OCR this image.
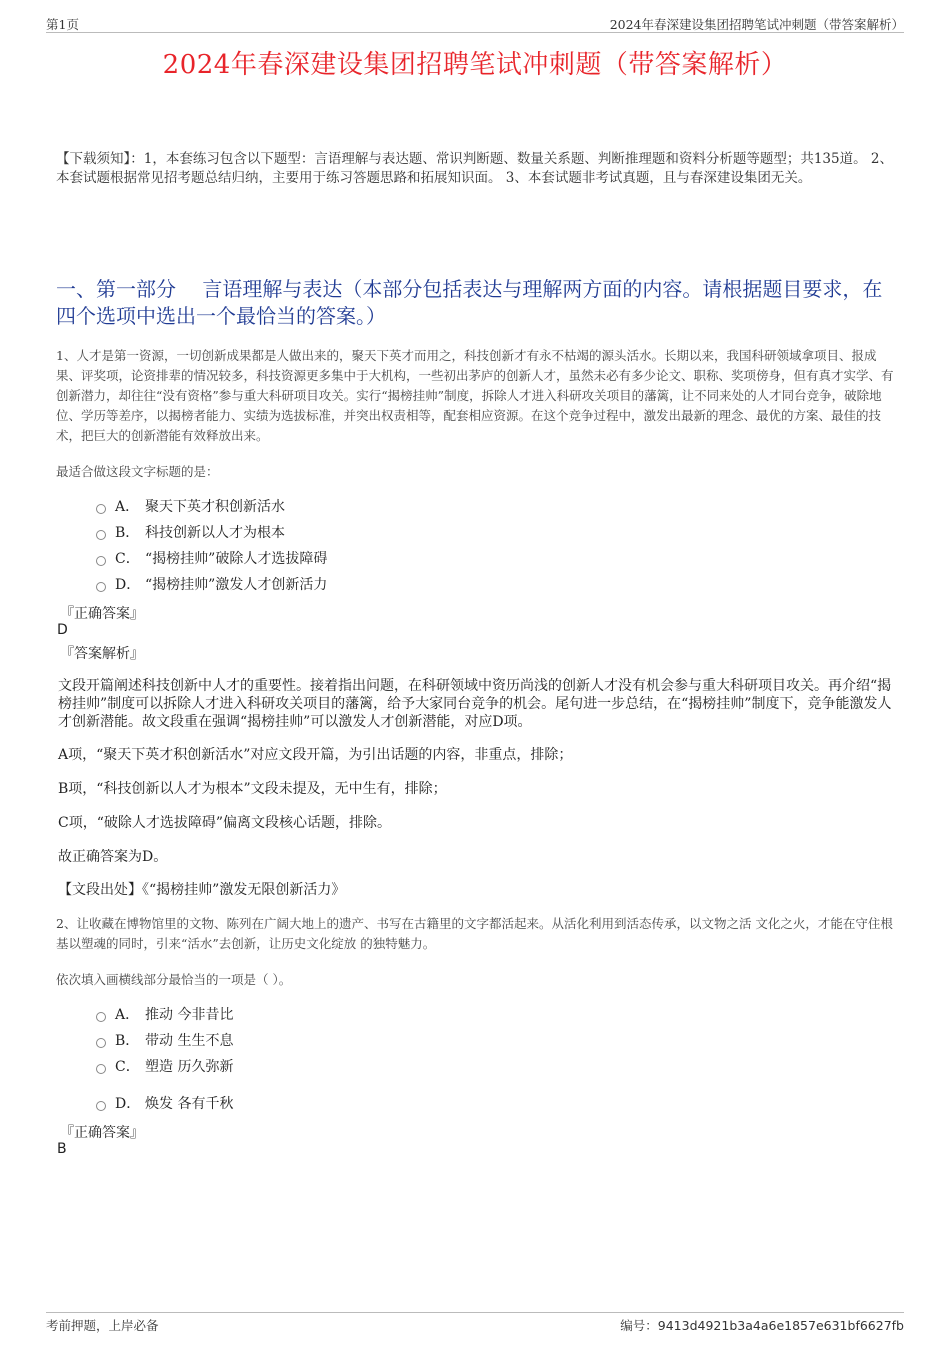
第1页	2024年春深建设集团招聘笔试冲刺题（带答案解析）
2024年春深建设集团招聘笔试冲刺题（带答案解析）
【下载须知】：1，本套练习包含以下题型：言语理解与表达题、常识判断题、数量关系题、判断推理题和资料分析题等题型；共135道。 2、本套试题根据常见招考题总结归纳，主要用于练习答题思路和拓展知识面。 3、本套试题非考试真题，且与春深建设集团无关。
一、第一部分　 言语理解与表达（本部分包括表达与理解两方面的内容。请根据题目要求，在四个选项中选出一个最恰当的答案。）
1、人才是第一资源，一切创新成果都是人做出来的，聚天下英才而用之，科技创新才有永不枯竭的源头活水。长期以来，我国科研领域拿项目、报成果、评奖项，论资排辈的情况较多，科技资源更多集中于大机构，一些初出茅庐的创新人才，虽然未必有多少论文、职称、奖项傍身，但有真才实学、有创新潜力，却往往“没有资格”参与重大科研项目攻关。实行“揭榜挂帅”制度，拆除人才进入科研攻关项目的藩篱，让不同来处的人才同台竞争，破除地位、学历等差序，以揭榜者能力、实绩为选拔标准，并突出权责相等，配套相应资源。在这个竞争过程中，激发出最新的理念、最优的方案、最佳的技术，把巨大的创新潜能有效释放出来。
最适合做这段文字标题的是：
A． 聚天下英才积创新活水
B． 科技创新以人才为根本
C． “揭榜挂帅”破除人才选拔障碍
D． “揭榜挂帅”激发人才创新活力
『正确答案』
D
『答案解析』
文段开篇阐述科技创新中人才的重要性。接着指出问题，在科研领域中资历尚浅的创新人才没有机会参与重大科研项目攻关。再介绍“揭榜挂帅”制度可以拆除人才进入科研攻关项目的藩篱，给予大家同台竞争的机会。尾句进一步总结，在“揭榜挂帅”制度下，竞争能激发人才创新潜能。故文段重在强调“揭榜挂帅”可以激发人才创新潜能，对应D项。
A项，“聚天下英才积创新活水”对应文段开篇，为引出话题的内容，非重点，排除；
B项，“科技创新以人才为根本”文段未提及，无中生有，排除；
C项，“破除人才选拔障碍”偏离文段核心话题，排除。
故正确答案为D。
【文段出处】《“揭榜挂帅”激发无限创新活力》
2、让收藏在博物馆里的文物、陈列在广阔大地上的遗产、书写在古籍里的文字都活起来。从活化利用到活态传承，以文物之活 文化之火，才能在守住根基以塑魂的同时，引来“活水”去创新，让历史文化绽放 的独特魅力。
依次填入画横线部分最恰当的一项是（ ）。
A． 推动 今非昔比
B． 带动 生生不息
C． 塑造 历久弥新
D． 焕发 各有千秋
『正确答案』
B
考前押题，上岸必备	编号：9413d4921b3a4a6e1857e631bf6627fb
